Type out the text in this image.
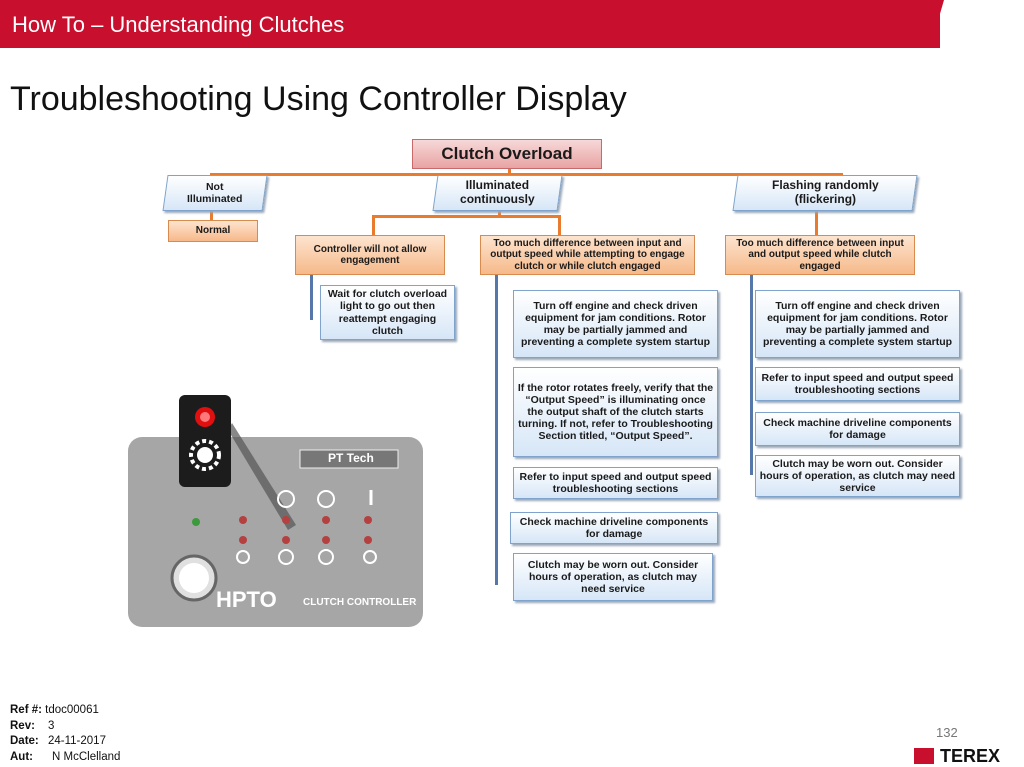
How To – Understanding Clutches
Troubleshooting Using Controller Display
Clutch Overload
Not
Illuminated
Illuminated
continuously
Flashing randomly
(flickering)
Normal
Controller will not allow engagement
Too much difference between input and output speed while attempting to engage clutch or while clutch engaged
Wait for clutch overload light to go out then reattempt engaging clutch
Turn off engine and check driven equipment for jam conditions. Rotor may be partially jammed and preventing a complete system startup
If the rotor rotates freely, verify that the “Output Speed” is illuminating once the output shaft of the clutch starts turning. If not, refer to Troubleshooting Section titled, “Output Speed”.
Refer to input speed and output speed troubleshooting sections
Check machine driveline components for damage
Clutch may be worn out. Consider hours of operation, as clutch may need service
Too much difference between input and output speed while clutch engaged
Turn off engine and check driven equipment for jam conditions. Rotor may be partially jammed and preventing a complete system startup
Refer to input speed and output speed troubleshooting sections
Check machine driveline components for damage
Clutch may be worn out. Consider hours of operation, as clutch may need service
PT Tech
HPTO	CLUTCH CONTROLLER
Ref #: tdoc00061
Rev: 3
Date: 24-11-2017
Aut: N McClelland
132
TEREX
